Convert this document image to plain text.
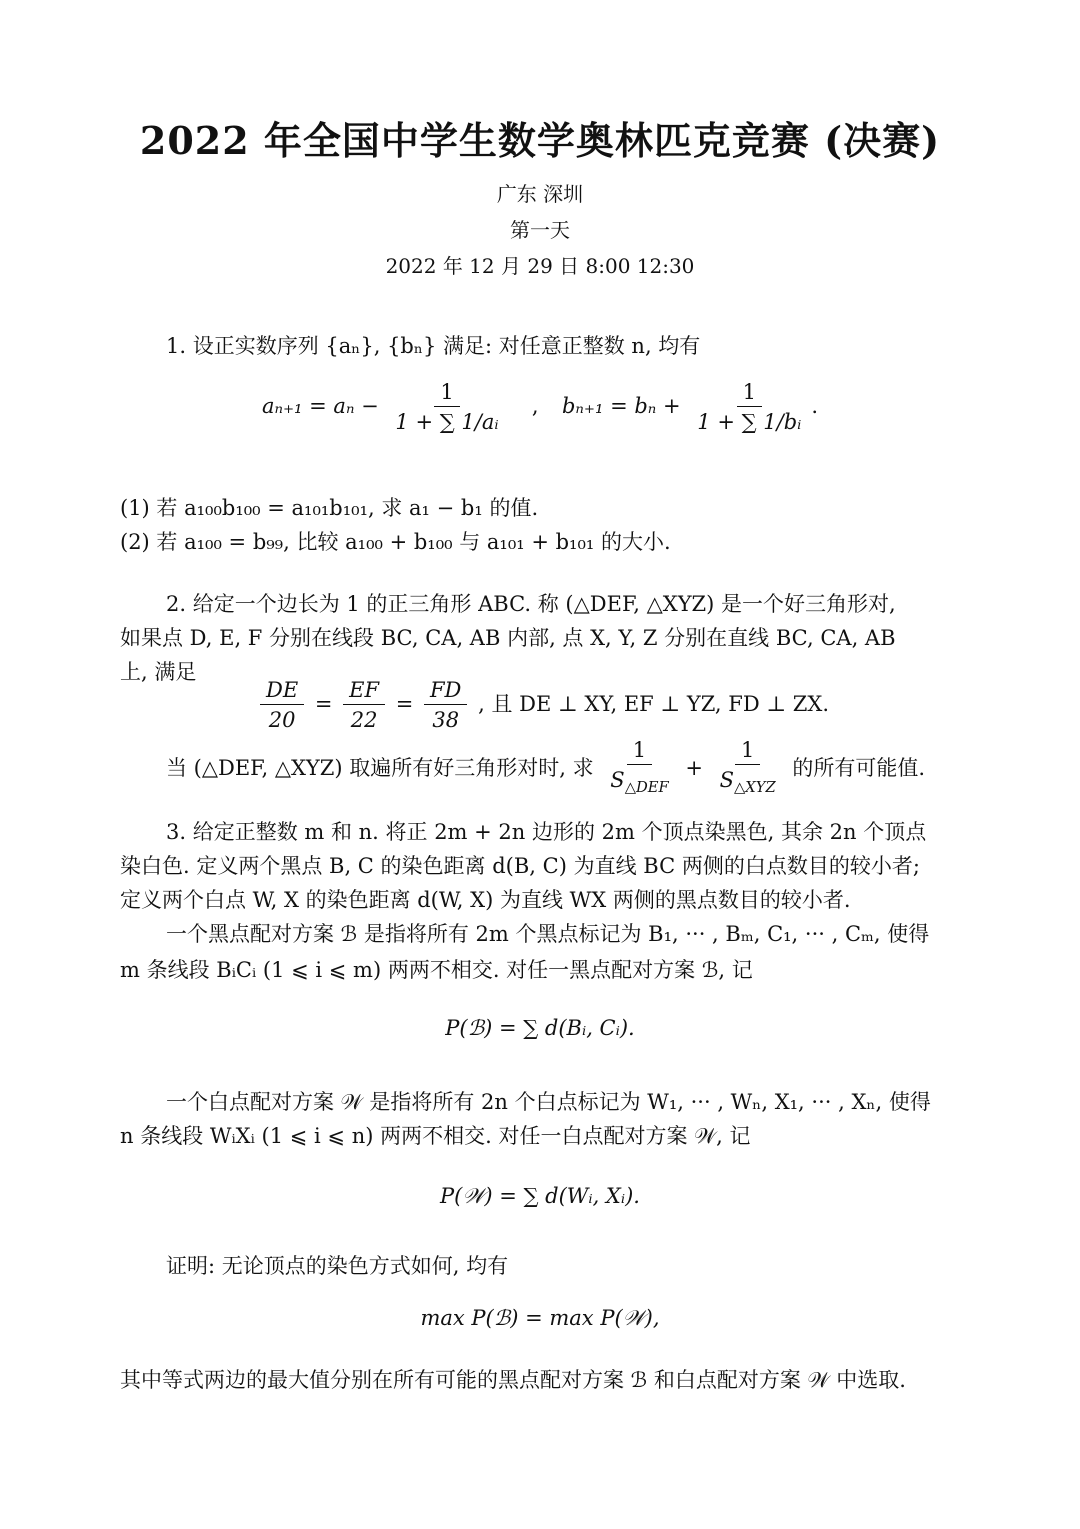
2022 年全国中学生数学奥林匹克竞赛 (决赛)
广东 深圳
第一天
2022 年 12 月 29 日 8:00 12:30
1. 设正实数序列 {aₙ}, {bₙ} 满足: 对任意正整数 n, 均有
$a_{n+1} = a_n - \frac{1}{\text{1 + ∑ 1/aᵢ}}$ , $b_{n+1} = b_n + \frac{1}{\text{1 + ∑ 1/bᵢ}}$ .
(1) 若 a₁₀₀b₁₀₀ = a₁₀₁b₁₀₁, 求 a₁ − b₁ 的值.
(2) 若 a₁₀₀ = b₉₉, 比较 a₁₀₀ + b₁₀₀ 与 a₁₀₁ + b₁₀₁ 的大小.
2. 给定一个边长为 1 的正三角形 ABC. 称 (△DEF, △XYZ) 是一个好三角形对,
如果点 D, E, F 分别在线段 BC, CA, AB 内部, 点 X, Y, Z 分别在直线 BC, CA, AB
上, 满足
$\frac{DE}{20} = \frac{EF}{22} = \frac{FD}{38}$ , 且 DE ⊥ XY, EF ⊥ YZ, FD ⊥ ZX.
当 (△DEF, △XYZ) 取遍所有好三角形对时, 求 $\frac{1}{S_{\triangle DEF}} + \frac{1}{S_{\triangle XYZ}}$ 的所有可能值.
3. 给定正整数 m 和 n. 将正 2m + 2n 边形的 2m 个顶点染黑色, 其余 2n 个顶点
染白色. 定义两个黑点 B, C 的染色距离 d(B, C) 为直线 BC 两侧的白点数目的较小者;
定义两个白点 W, X 的染色距离 d(W, X) 为直线 WX 两侧的黑点数目的较小者.
一个黑点配对方案 ℬ 是指将所有 2m 个黑点标记为 B₁, ··· , Bₘ, C₁, ··· , Cₘ, 使得
m 条线段 BᵢCᵢ (1 ⩽ i ⩽ m) 两两不相交. 对任一黑点配对方案 ℬ, 记
P(ℬ) = ∑ d(Bᵢ, Cᵢ).
一个白点配对方案 𝒲 是指将所有 2n 个白点标记为 W₁, ··· , Wₙ, X₁, ··· , Xₙ, 使得
n 条线段 WᵢXᵢ (1 ⩽ i ⩽ n) 两两不相交. 对任一白点配对方案 𝒲, 记
P(𝒲) = ∑ d(Wᵢ, Xᵢ).
证明: 无论顶点的染色方式如何, 均有
max P(ℬ) = max P(𝒲),
其中等式两边的最大值分别在所有可能的黑点配对方案 ℬ 和白点配对方案 𝒲 中选取.
